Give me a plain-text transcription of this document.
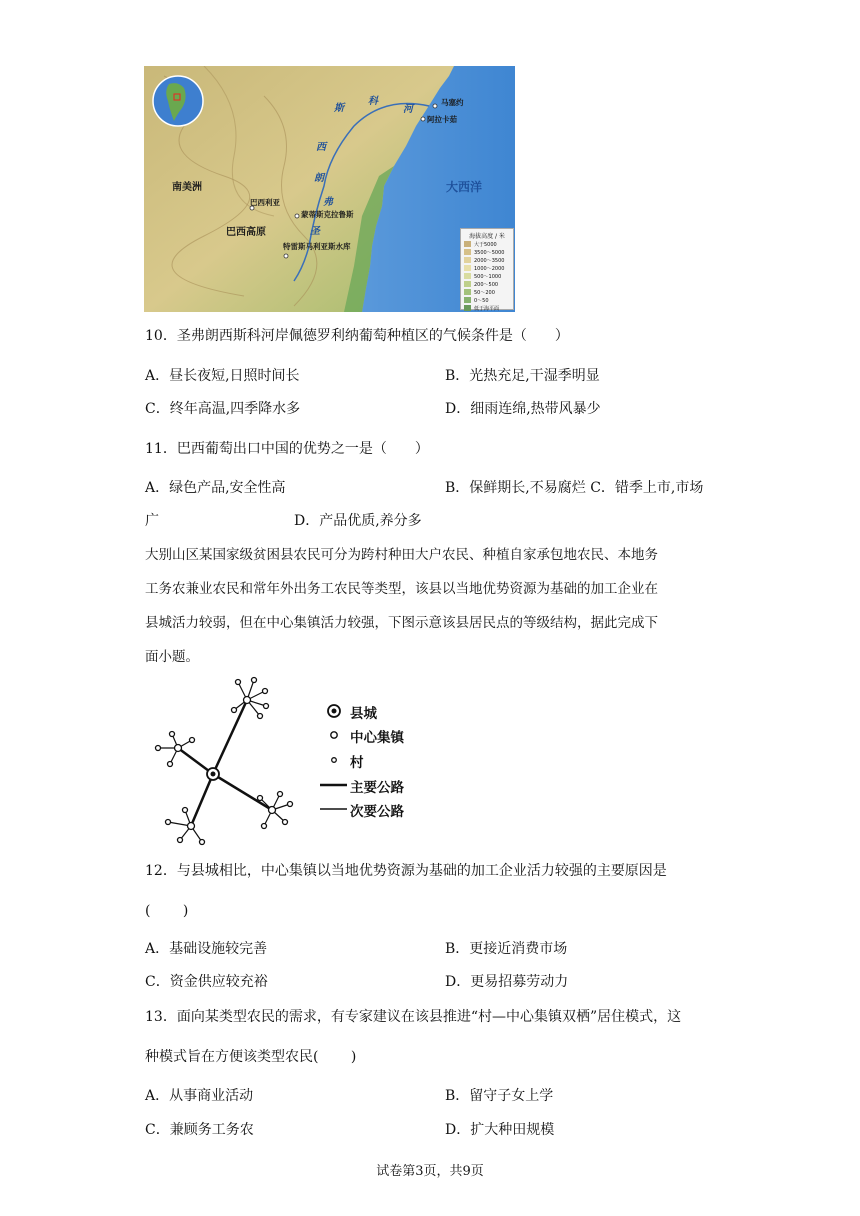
南美洲
巴西高原
斯
科
河
西
朗
弗
圣
大西洋
马塞约
阿拉卡茹
巴西利亚
蒙蒂斯克拉鲁斯
特雷斯马利亚斯水库
海拔高度 / 米
大于5000
3500～5000
2000～3500
1000～2000
500～1000
200～500
50～200
0～50
低于海平面
10．圣弗朗西斯科河岸佩德罗利纳葡萄种植区的气候条件是（　　）
A．昼长夜短,日照时间长	B．光热充足,干湿季明显
C．终年高温,四季降水多	D．细雨连绵,热带风暴少
11．巴西葡萄出口中国的优势之一是（　　）
A．绿色产品,安全性高	B．保鲜期长,不易腐烂 C．错季上市,市场
广	D．产品优质,养分多
大别山区某国家级贫困县农民可分为跨村种田大户农民、种植自家承包地农民、本地务
工务农兼业农民和常年外出务工农民等类型，该县以当地优势资源为基础的加工企业在
县城活力较弱，但在中心集镇活力较强，下图示意该县居民点的等级结构，据此完成下
面小题。
县城
中心集镇
村
主要公路
次要公路
12．与县城相比，中心集镇以当地优势资源为基础的加工企业活力较强的主要原因是
(　　 )
A．基础设施较完善	B．更接近消费市场
C．资金供应较充裕	D．更易招募劳动力
13．面向某类型农民的需求，有专家建议在该县推进“村—中心集镇双栖”居住模式，这
种模式旨在方便该类型农民(　　 )
A．从事商业活动	B．留守子女上学
C．兼顾务工务农	D．扩大种田规模
试卷第3页，共9页
